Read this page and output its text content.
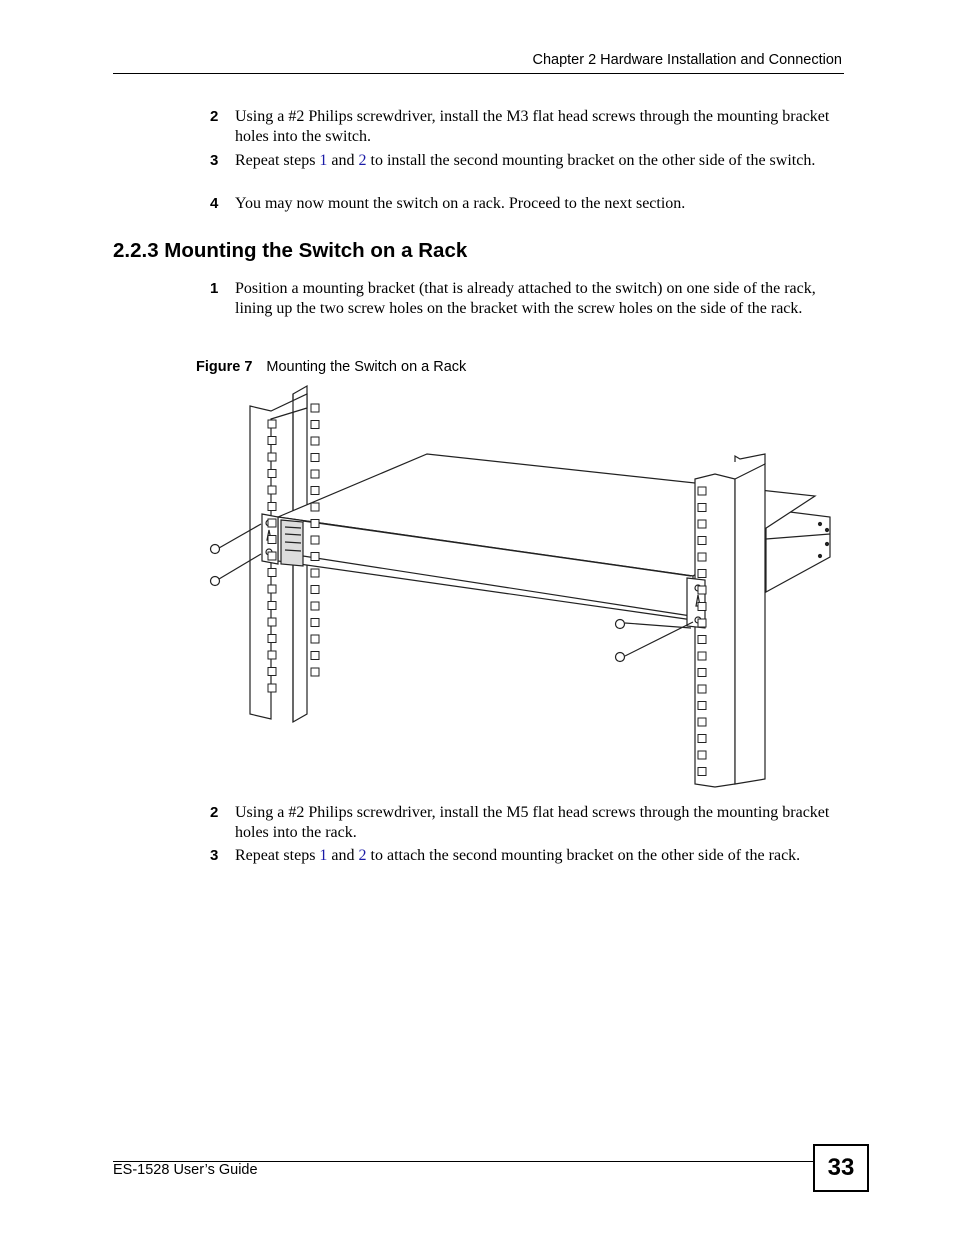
Chapter 2 Hardware Installation and Connection
2 Using a #2 Philips screwdriver, install the M3 flat head screws through the mounting bracket holes into the switch.
3 Repeat steps 1 and 2 to install the second mounting bracket on the other side of the switch.
4 You may now mount the switch on a rack. Proceed to the next section.
2.2.3 Mounting the Switch on a Rack
1 Position a mounting bracket (that is already attached to the switch) on one side of the rack, lining up the two screw holes on the bracket with the screw holes on the side of the rack.
Figure 7 Mounting the Switch on a Rack
2 Using a #2 Philips screwdriver, install the M5 flat head screws through the mounting bracket holes into the rack.
3 Repeat steps 1 and 2 to attach the second mounting bracket on the other side of the rack.
ES-1528 User’s Guide	33
